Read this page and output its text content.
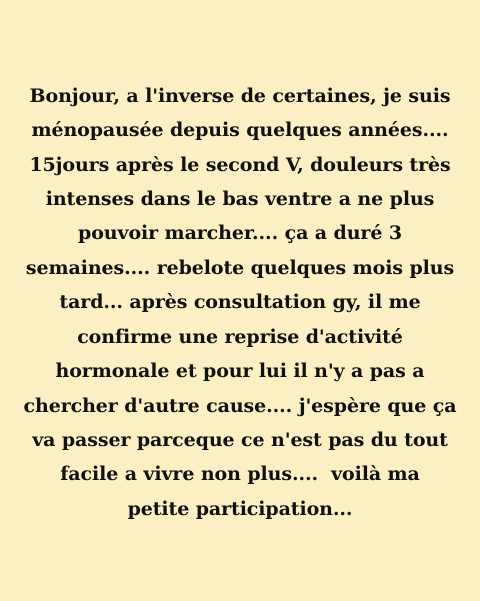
Bonjour, a l'inverse de certaines, je suis
ménopausée depuis quelques années....
15jours après le second V, douleurs très
intenses dans le bas ventre a ne plus
pouvoir marcher.... ça a duré 3
semaines.... rebelote quelques mois plus
tard... après consultation gy, il me
confirme une reprise d'activité
hormonale et pour lui il n'y a pas a
chercher d'autre cause.... j'espère que ça
va passer parceque ce n'est pas du tout
facile a vivre non plus....  voilà ma
petite participation...
